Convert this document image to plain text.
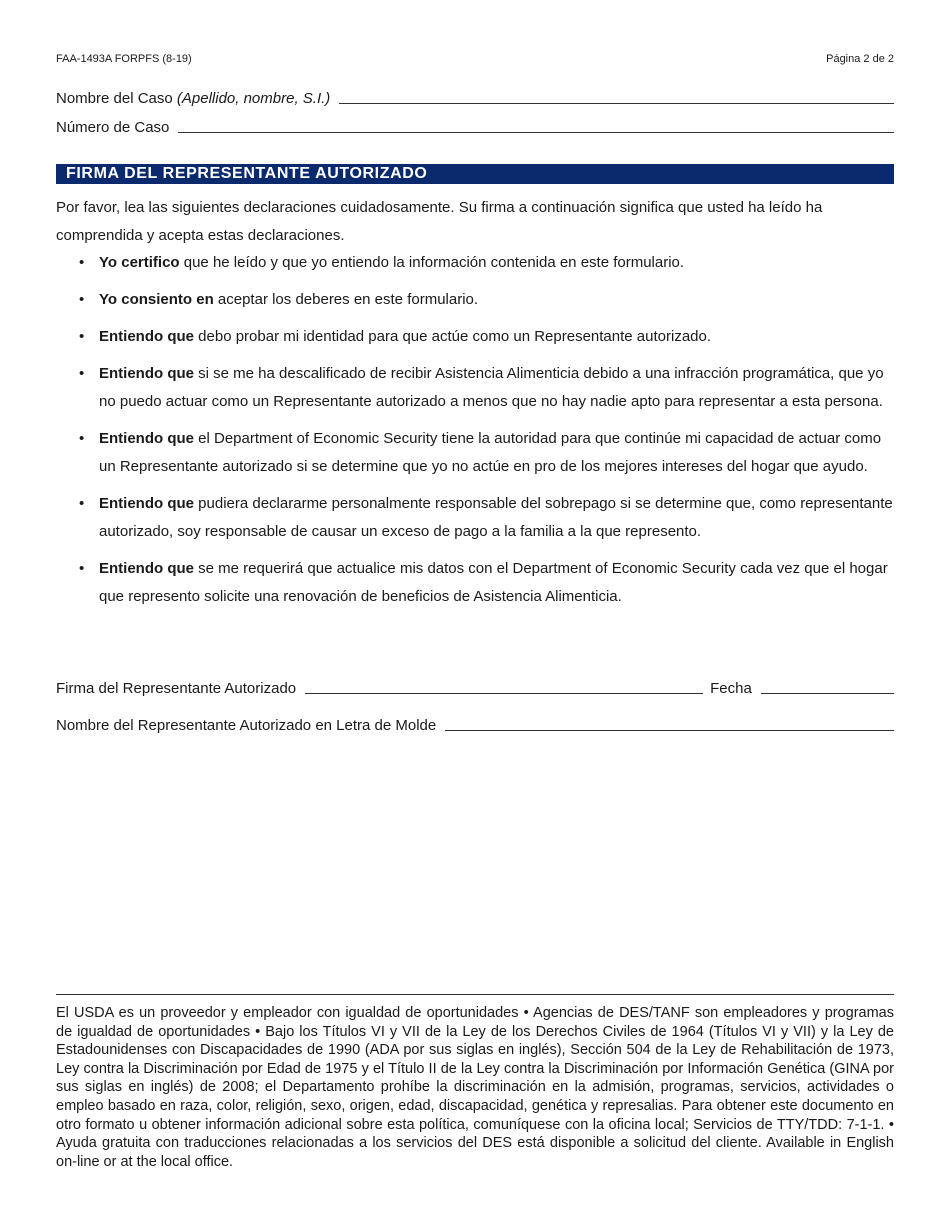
FAA-1493A FORPFS (8-19)	Página 2 de 2
Nombre del Caso (Apellido, nombre, S.I.)
Número de Caso
FIRMA DEL REPRESENTANTE AUTORIZADO

Por favor, lea las siguientes declaraciones cuidadosamente. Su firma a continuación significa que usted ha leído ha comprendida y acepta estas declaraciones.

• Yo certifico que he leído y que yo entiendo la información contenida en este formulario.
• Yo consiento en aceptar los deberes en este formulario.
• Entiendo que debo probar mi identidad para que actúe como un Representante autorizado.
• Entiendo que si se me ha descalificado de recibir Asistencia Alimenticia debido a una infracción programática, que yo no puedo actuar como un Representante autorizado a menos que no hay nadie apto para representar a esta persona.
• Entiendo que el Department of Economic Security tiene la autoridad para que continúe mi capacidad de actuar como un Representante autorizado si se determine que yo no actúe en pro de los mejores intereses del hogar que ayudo.
• Entiendo que pudiera declararme personalmente responsable del sobrepago si se determine que, como representante autorizado, soy responsable de causar un exceso de pago a la familia a la que represento.
• Entiendo que se me requerirá que actualice mis datos con el Department of Economic Security cada vez que el hogar que represento solicite una renovación de beneficios de Asistencia Alimenticia.
Firma del Representante Autorizado	Fecha
Nombre del Representante Autorizado en Letra de Molde

El USDA es un proveedor y empleador con igualdad de oportunidades • Agencias de DES/TANF son empleadores y programas de igualdad de oportunidades • Bajo los Títulos VI y VII de la Ley de los Derechos Civiles de 1964 (Títulos VI y VII) y la Ley de Estadounidenses con Discapacidades de 1990 (ADA por sus siglas en inglés), Sección 504 de la Ley de Rehabilitación de 1973, Ley contra la Discriminación por Edad de 1975 y el Título II de la Ley contra la Discriminación por Información Genética (GINA por sus siglas en inglés) de 2008; el Departamento prohíbe la discriminación en la admisión, programas, servicios, actividades o empleo basado en raza, color, religión, sexo, origen, edad, discapacidad, genética y represalias. Para obtener este documento en otro formato u obtener información adicional sobre esta política, comuníquese con la oficina local; Servicios de TTY/TDD: 7-1-1. • Ayuda gratuita con traducciones relacionadas a los servicios del DES está disponible a solicitud del cliente. Available in English on-line or at the local office.
